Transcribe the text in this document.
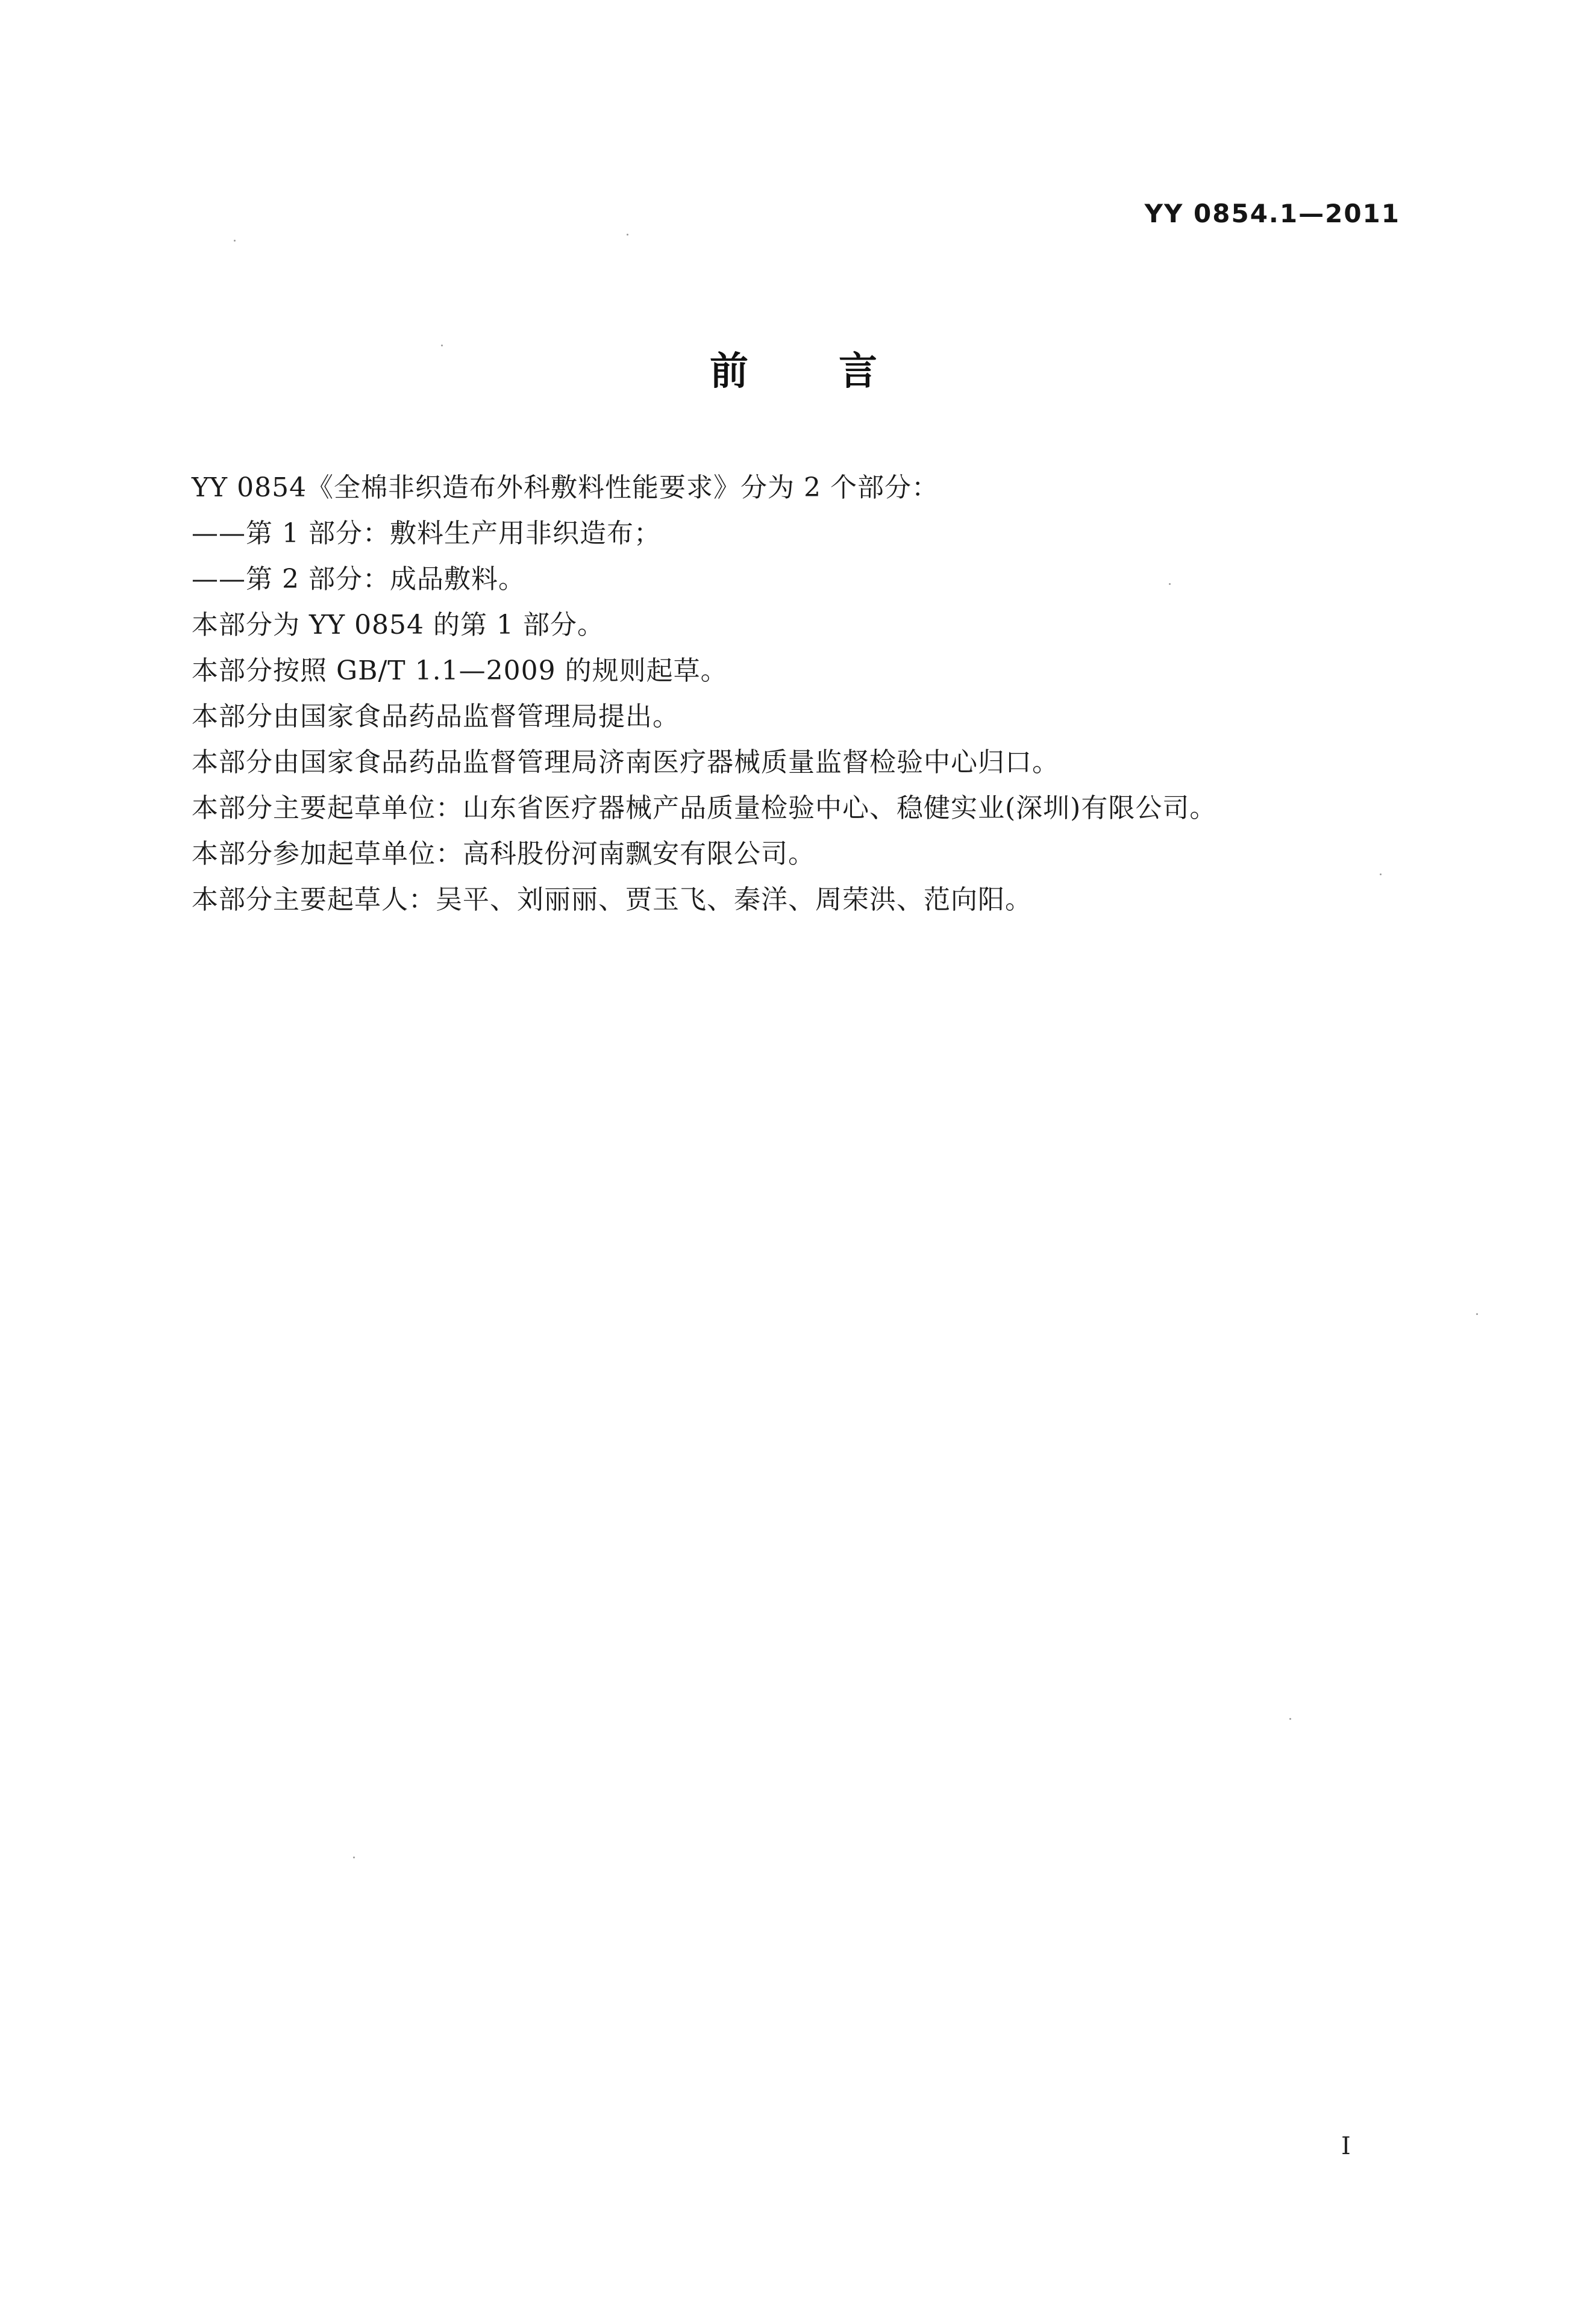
YY 0854.1—2011
前言
YY 0854《全棉非织造布外科敷料性能要求》分为 2 个部分：
——第 1 部分：敷料生产用非织造布；
——第 2 部分：成品敷料。
本部分为 YY 0854 的第 1 部分。
本部分按照 GB/T 1.1—2009 的规则起草。
本部分由国家食品药品监督管理局提出。
本部分由国家食品药品监督管理局济南医疗器械质量监督检验中心归口。
本部分主要起草单位：山东省医疗器械产品质量检验中心、稳健实业(深圳)有限公司。
本部分参加起草单位：高科股份河南飘安有限公司。
本部分主要起草人：吴平、刘丽丽、贾玉飞、秦洋、周荣洪、范向阳。
I
